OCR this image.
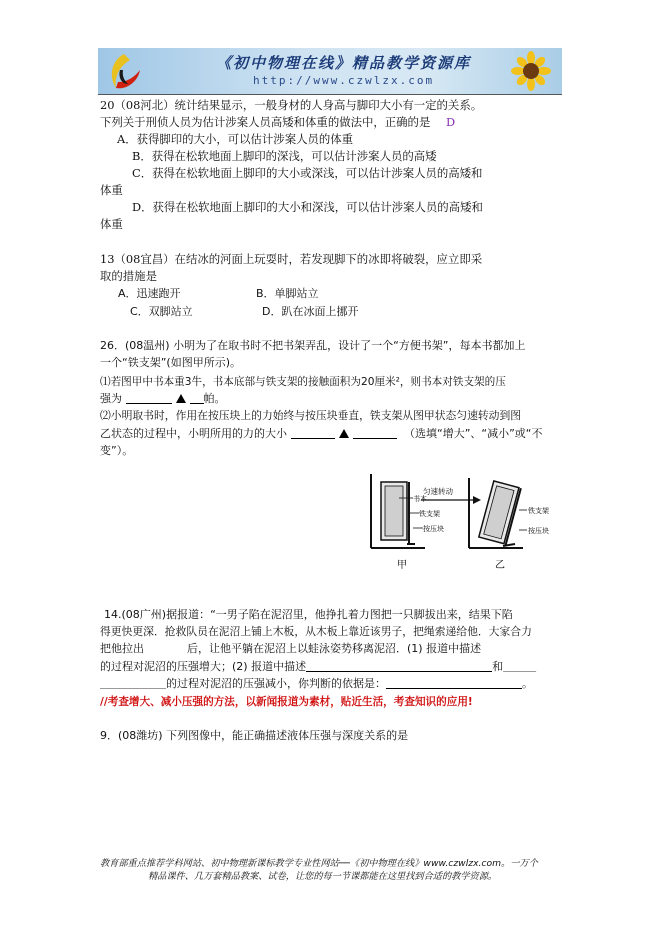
《初中物理在线》精品教学资源库
http://www.czwlzx.com
20（08河北）统计结果显示，一般身材的人身高与脚印大小有一定的关系。
下列关于刑侦人员为估计涉案人员高矮和体重的做法中，正确的是 D
A．获得脚印的大小，可以估计涉案人员的体重
B．获得在松软地面上脚印的深浅，可以估计涉案人员的高矮
C．获得在松软地面上脚印的大小或深浅，可以估计涉案人员的高矮和
体重
D．获得在松软地面上脚印的大小和深浅，可以估计涉案人员的高矮和
体重
13（08宜昌）在结冰的河面上玩耍时，若发现脚下的冰即将破裂，应立即采
取的措施是
A．迅速跑开	B．单脚站立
C．双脚站立	D．趴在冰面上挪开
26．(08温州) 小明为了在取书时不把书架弄乱，设计了一个“方便书架”，每本书都加上
一个“铁支架”(如图甲所示)。
⑴若图甲中书本重3牛，书本底部与铁支架的接触面积为20厘米²，则书本对铁支架的压
强为	帕。
⑵小明取书时，作用在按压块上的力始终与按压块垂直，铁支架从图甲状态匀速转动到图
乙状态的过程中，小明所用的力的大小	（选填“增大”、“减小”或“不
变”）。
匀速转动
书本
铁支架
按压块
铁支架
按压块
甲	乙
14.(08广州)据报道：“一男子陷在泥沼里，他挣扎着力图把一只脚拔出来，结果下陷
得更快更深．抢救队员在泥沼上铺上木板，从木板上靠近该男子，把绳索递给他．大家合力
把他拉出	后，让他平躺在泥沼上以蛙泳姿势移离泥沼．(1) 报道中描述
的过程对泥沼的压强增大；(2) 报道中描述	和＿＿＿
＿＿＿＿＿＿的过程对泥沼的压强减小，你判断的依据是：	。
//考查增大、减小压强的方法，以新闻报道为素材，贴近生活，考查知识的应用!
9．(08潍坊) 下列图像中，能正确描述液体压强与深度关系的是
教育部重点推荐学科网站、初中物理新课标教学专业性网站──《初中物理在线》www.czwlzx.com。一万个
精品课件、几万套精品教案、试卷，让您的每一节课都能在这里找到合适的教学资源。
